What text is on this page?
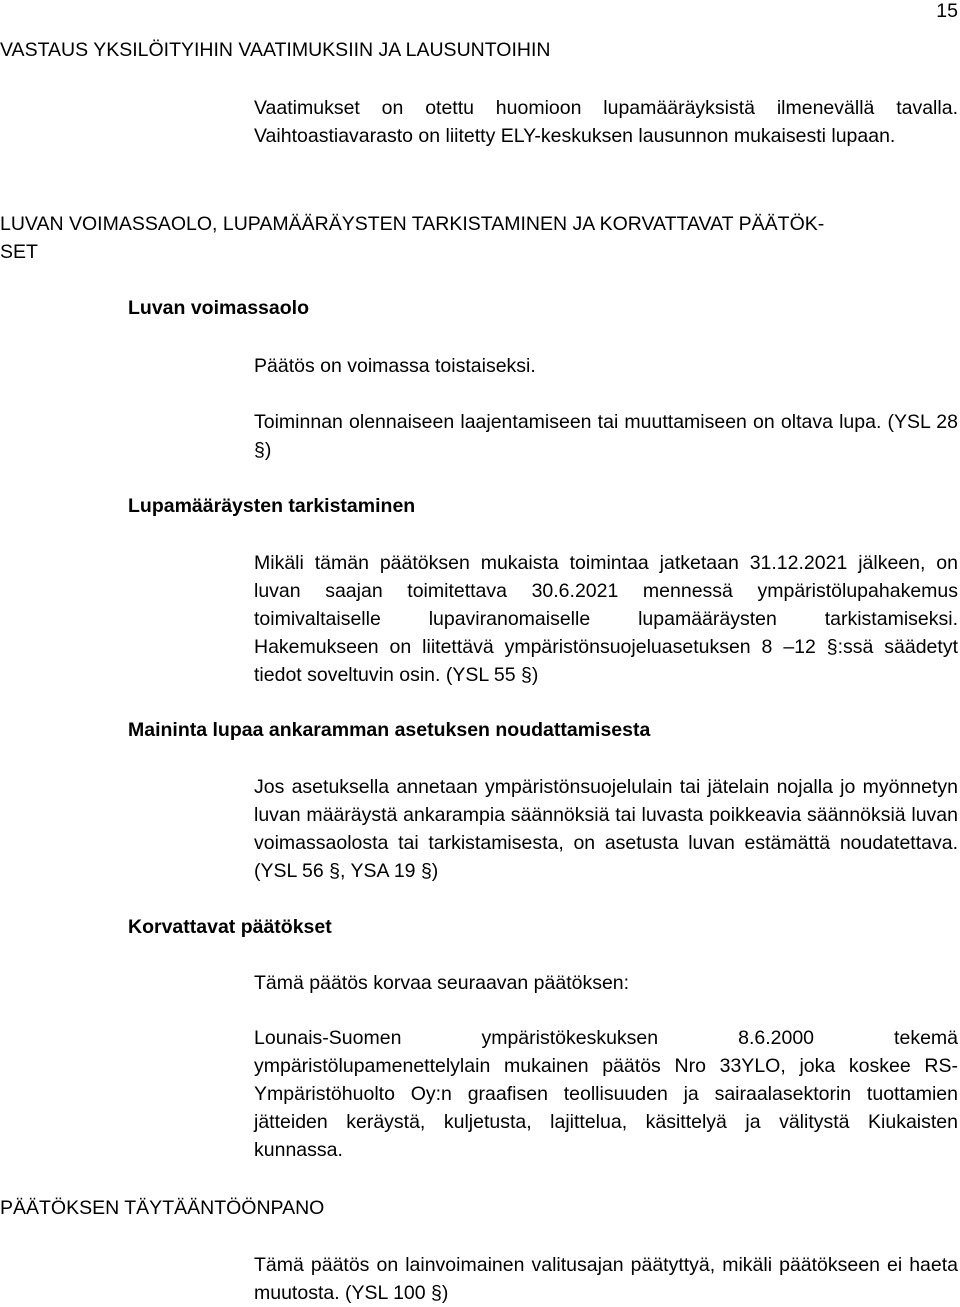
15
VASTAUS YKSILÖITYIHIN VAATIMUKSIIN JA LAUSUNTOIHIN
Vaatimukset on otettu huomioon lupamääräyksistä ilmenevällä tavalla. Vaihtoastiavarasto on liitetty ELY-keskuksen lausunnon mukaisesti lupaan.
LUVAN VOIMASSAOLO, LUPAMÄÄRÄYSTEN TARKISTAMINEN JA KORVATTAVAT PÄÄTÖK-
SET
Luvan voimassaolo
Päätös on voimassa toistaiseksi.
Toiminnan olennaiseen laajentamiseen tai muuttamiseen on oltava lupa. (YSL 28 §)
Lupamääräysten tarkistaminen
Mikäli tämän päätöksen mukaista toimintaa jatketaan 31.12.2021 jälkeen, on luvan saajan toimitettava 30.6.2021 mennessä ympäristölupahakemus toimivaltaiselle lupaviranomaiselle lupamääräysten tarkistamiseksi. Hakemukseen on liitettävä ympäristönsuojeluasetuksen 8 –12 §:ssä säädetyt tiedot soveltuvin osin. (YSL 55 §)
Maininta lupaa ankaramman asetuksen noudattamisesta
Jos asetuksella annetaan ympäristönsuojelulain tai jätelain nojalla jo myönnetyn luvan määräystä ankarampia säännöksiä tai luvasta poikkeavia säännöksiä luvan voimassaolosta tai tarkistamisesta, on asetusta luvan estämättä noudatettava. (YSL 56 §, YSA 19 §)
Korvattavat päätökset
Tämä päätös korvaa seuraavan päätöksen:
Lounais-Suomen ympäristökeskuksen 8.6.2000 tekemä ympäristölupamenettelylain mukainen päätös Nro 33YLO, joka koskee RS-Ympäristöhuolto Oy:n graafisen teollisuuden ja sairaalasektorin tuottamien jätteiden keräystä, kuljetusta, lajittelua, käsittelyä ja välitystä Kiukaisten kunnassa.
PÄÄTÖKSEN TÄYTÄÄNTÖÖNPANO
Tämä päätös on lainvoimainen valitusajan päätyttyä, mikäli päätökseen ei haeta muutosta. (YSL 100 §)
